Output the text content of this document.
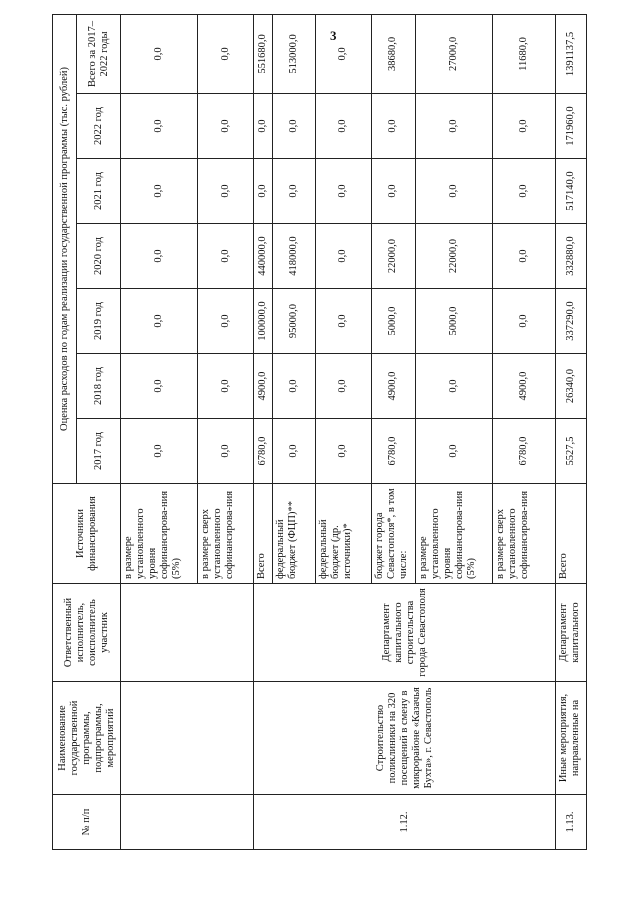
3
№ п/п	Наименование государственной программы, подпрограммы, мероприятий	Ответственный исполнитель, соисполнитель участник	Источники финансирования	Оценка расходов по годам реализации государственной программы (тыс. рублей)						
				2017 год	2018 год	2019 год	2020 год	2021 год	2022 год	Всего за 2017–2022 годы
			в размере установленного уровня софинансирова-ния (5%)	0,0	0,0	0,0	0,0	0,0	0,0	0,0
			в размере сверх установленного софинансирова-ния	0,0	0,0	0,0	0,0	0,0	0,0	0,0
1.12.	Строительство поликлиники на 320 посещений в смену в микрорайоне «Казачья Бухта», г. Севастополь	Департамент капитального строительства города Севастополя	Всего	6780,0	4900,0	100000,0	440000,0	0,0	0,0	551680,0
			федеральный бюджет (ФЦП)**	0,0	0,0	95000,0	418000,0	0,0	0,0	513000,0
			федеральный бюджет (др. источники)*	0,0	0,0	0,0	0,0	0,0	0,0	0,0
			бюджет города Севастополя*, в том числе:	6780,0	4900,0	5000,0	22000,0	0,0	0,0	38680,0
			в размере установленного уровня софинансирова-ния (5%)	0,0	0,0	5000,0	22000,0	0,0	0,0	27000,0
			в размере сверх установленного софинансирова-ния	6780,0	4900,0	0,0	0,0	0,0	0,0	11680,0
1.13.	Иные мероприятия, направленные на	Департамент капитального	Всего	5527,5	26340,0	337290,0	332880,0	517140,0	171960,0	1391137,5
